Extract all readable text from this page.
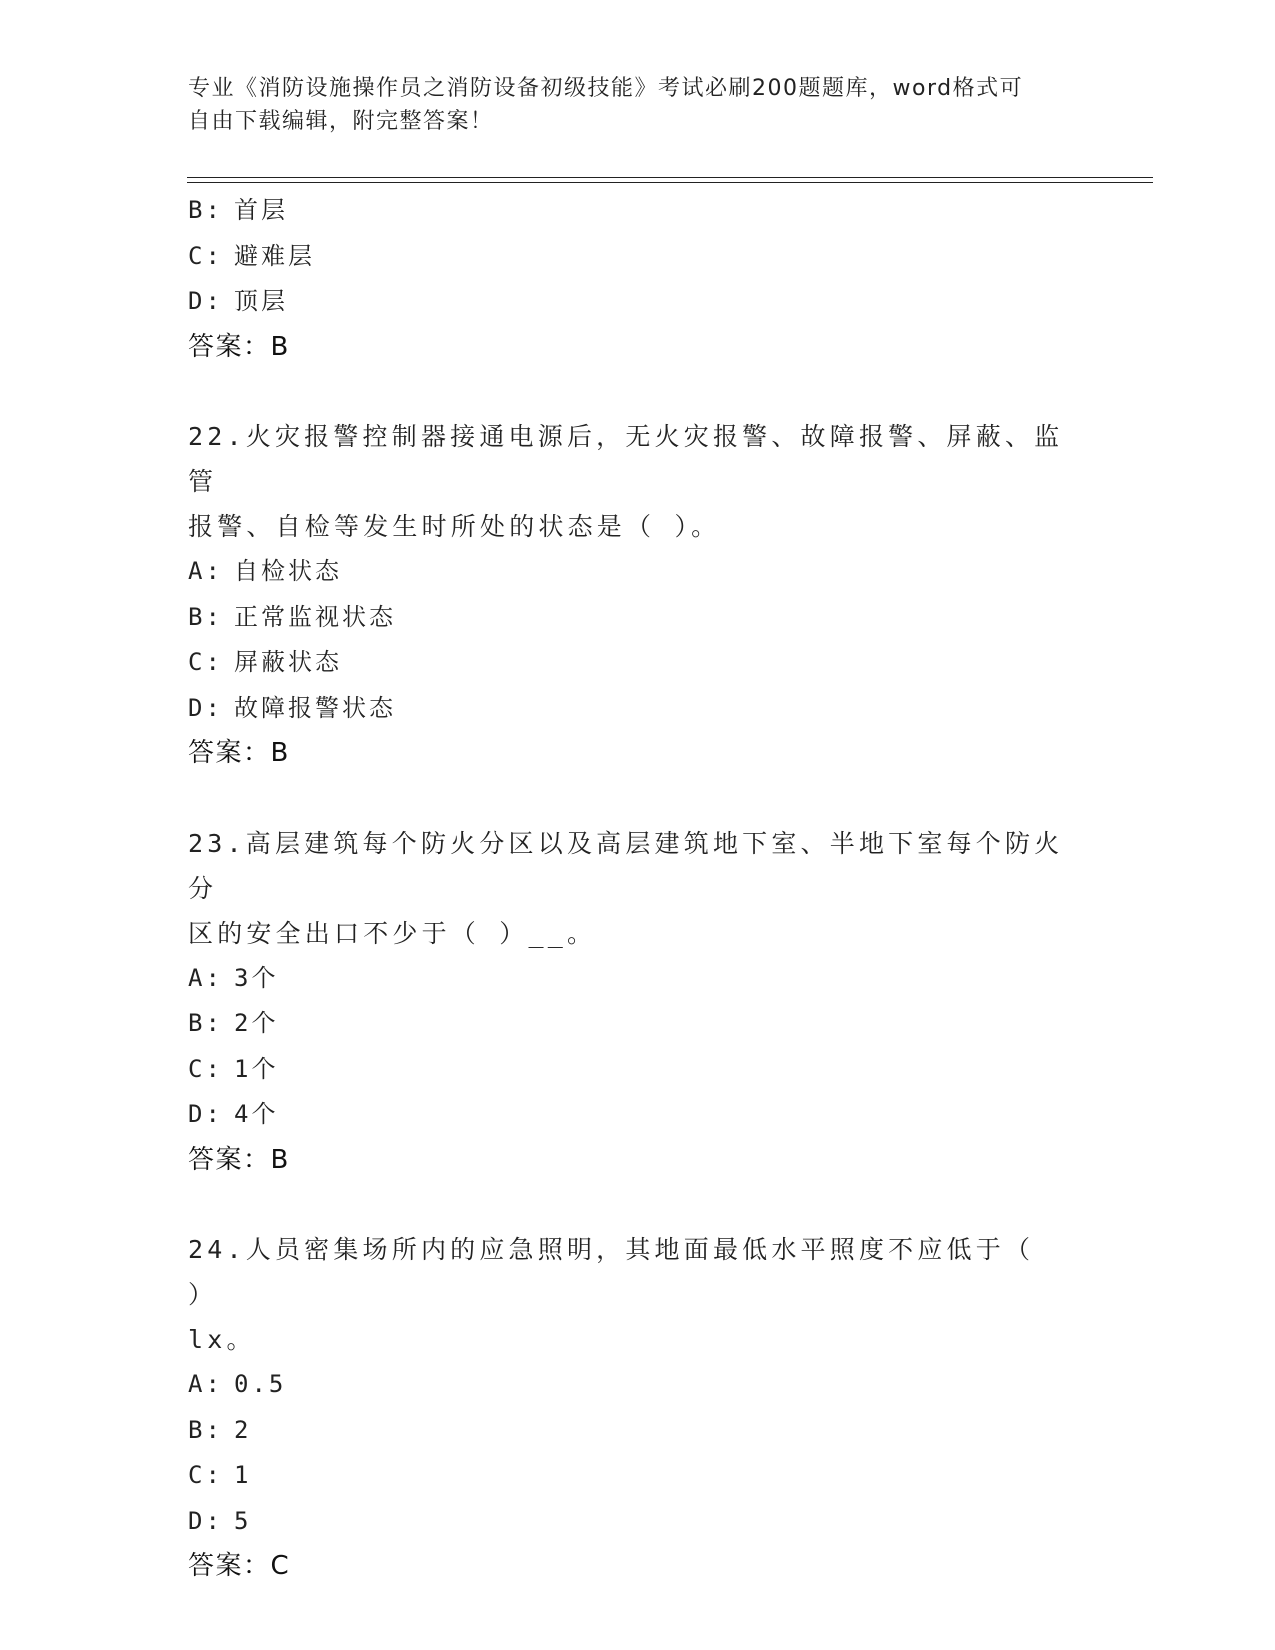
专业《消防设施操作员之消防设备初级技能》考试必刷200题题库，word格式可
自由下载编辑，附完整答案！
B: 首层
C: 避难层
D: 顶层
答案：B
22.火灾报警控制器接通电源后，无火灾报警、故障报警、屏蔽、监管
报警、自检等发生时所处的状态是（ ）。
A: 自检状态
B: 正常监视状态
C: 屏蔽状态
D: 故障报警状态
答案：B
23.高层建筑每个防火分区以及高层建筑地下室、半地下室每个防火分
区的安全出口不少于（ ）__。
A: 3个
B: 2个
C: 1个
D: 4个
答案：B
24.人员密集场所内的应急照明，其地面最低水平照度不应低于（ ）
lx。
A: 0.5
B: 2
C: 1
D: 5
答案：C
